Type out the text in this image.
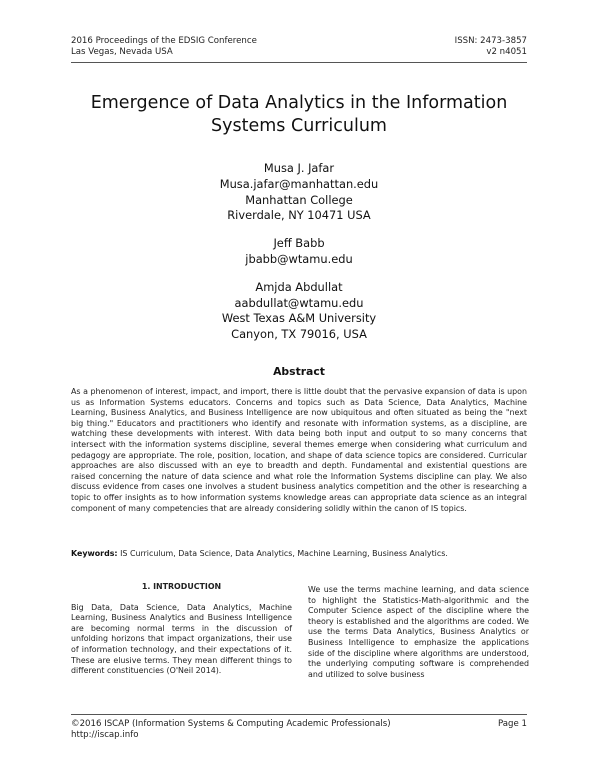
2016 Proceedings of the EDSIG Conference
Las Vegas, Nevada USA
ISSN: 2473-3857
v2 n4051
Emergence of Data Analytics in the Information Systems Curriculum
Musa J. Jafar
Musa.jafar@manhattan.edu
Manhattan College
Riverdale, NY 10471 USA
Jeff Babb
jbabb@wtamu.edu
Amjda Abdullat
aabdullat@wtamu.edu
West Texas A&M University
Canyon, TX 79016, USA
Abstract
As a phenomenon of interest, impact, and import, there is little doubt that the pervasive expansion of data is upon us as Information Systems educators. Concerns and topics such as Data Science, Data Analytics, Machine Learning, Business Analytics, and Business Intelligence are now ubiquitous and often situated as being the "next big thing." Educators and practitioners who identify and resonate with information systems, as a discipline, are watching these developments with interest. With data being both input and output to so many concerns that intersect with the information systems discipline, several themes emerge when considering what curriculum and pedagogy are appropriate. The role, position, location, and shape of data science topics are considered. Curricular approaches are also discussed with an eye to breadth and depth. Fundamental and existential questions are raised concerning the nature of data science and what role the Information Systems discipline can play. We also discuss evidence from cases one involves a student business analytics competition and the other is researching a topic to offer insights as to how information systems knowledge areas can appropriate data science as an integral component of many competencies that are already considering solidly within the canon of IS topics.
Keywords: IS Curriculum, Data Science, Data Analytics, Machine Learning, Business Analytics.
1. INTRODUCTION

Big Data, Data Science, Data Analytics, Machine Learning, Business Analytics and Business Intelligence are becoming normal terms in the discussion of unfolding horizons that impact organizations, their use of information technology, and their expectations of it. These are elusive terms. They mean different things to different constituencies (O'Neil 2014).

We use the terms machine learning, and data science to highlight the Statistics-Math-algorithmic and the Computer Science aspect of the discipline where the theory is established and the algorithms are coded. We use the terms Data Analytics, Business Analytics or Business Intelligence to emphasize the applications side of the discipline where algorithms are understood, the underlying computing software is comprehended and utilized to solve business

©2016 ISCAP (Information Systems & Computing Academic Professionals)
http://iscap.info
Page 1
